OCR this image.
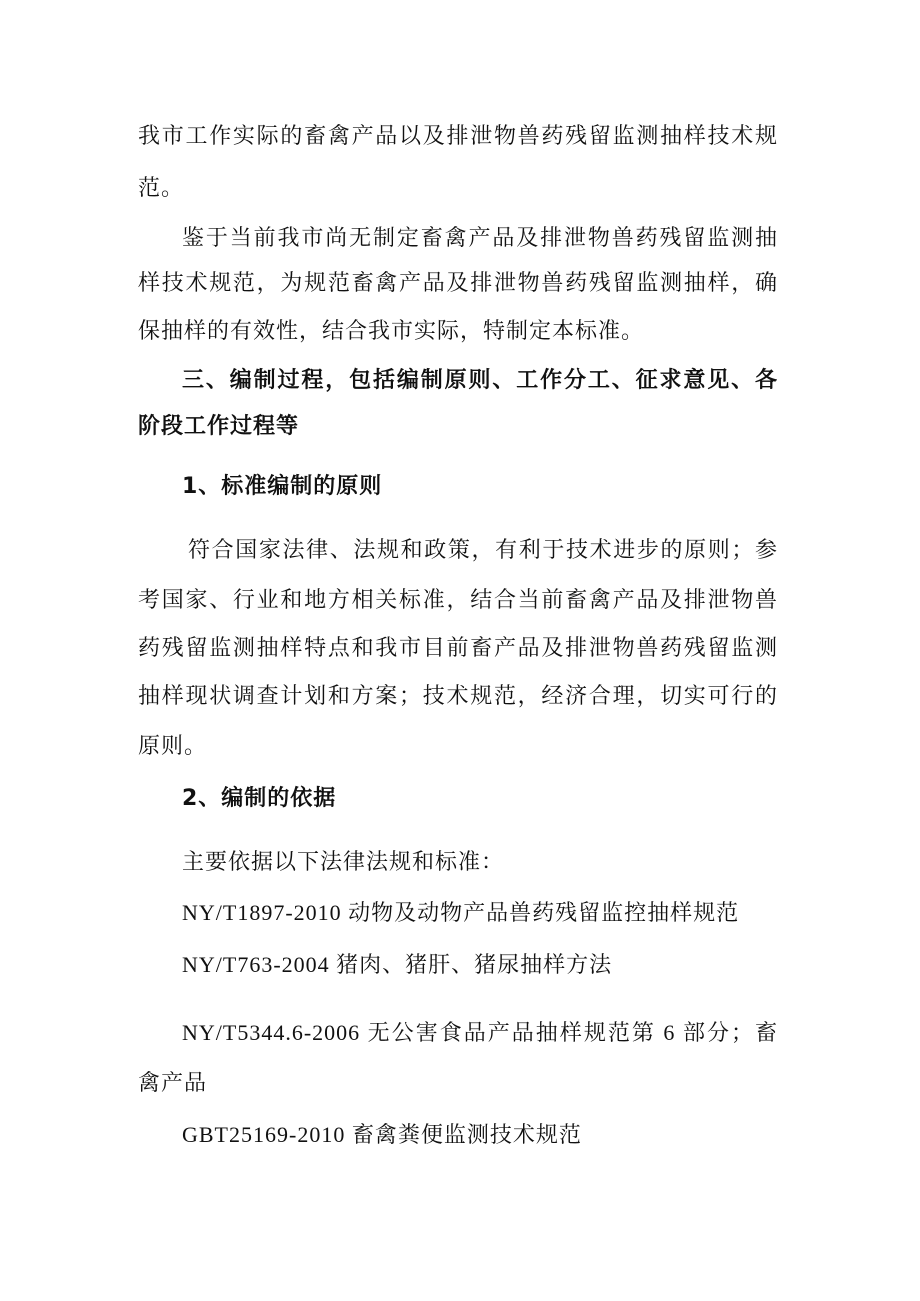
我市工作实际的畜禽产品以及排泄物兽药残留监测抽样技术规
范。
鉴于当前我市尚无制定畜禽产品及排泄物兽药残留监测抽
样技术规范，为规范畜禽产品及排泄物兽药残留监测抽样，确
保抽样的有效性，结合我市实际，特制定本标准。
三、编制过程，包括编制原则、工作分工、征求意见、各
阶段工作过程等
1、标准编制的原则
符合国家法律、法规和政策，有利于技术进步的原则；参
考国家、行业和地方相关标准，结合当前畜禽产品及排泄物兽
药残留监测抽样特点和我市目前畜产品及排泄物兽药残留监测
抽样现状调查计划和方案；技术规范，经济合理，切实可行的
原则。
2、编制的依据
主要依据以下法律法规和标准：
NY/T1897-2010 动物及动物产品兽药残留监控抽样规范
NY/T763-2004 猪肉、猪肝、猪尿抽样方法
NY/T5344.6-2006 无公害食品产品抽样规范第 6 部分；畜
禽产品
GBT25169-2010 畜禽粪便监测技术规范
